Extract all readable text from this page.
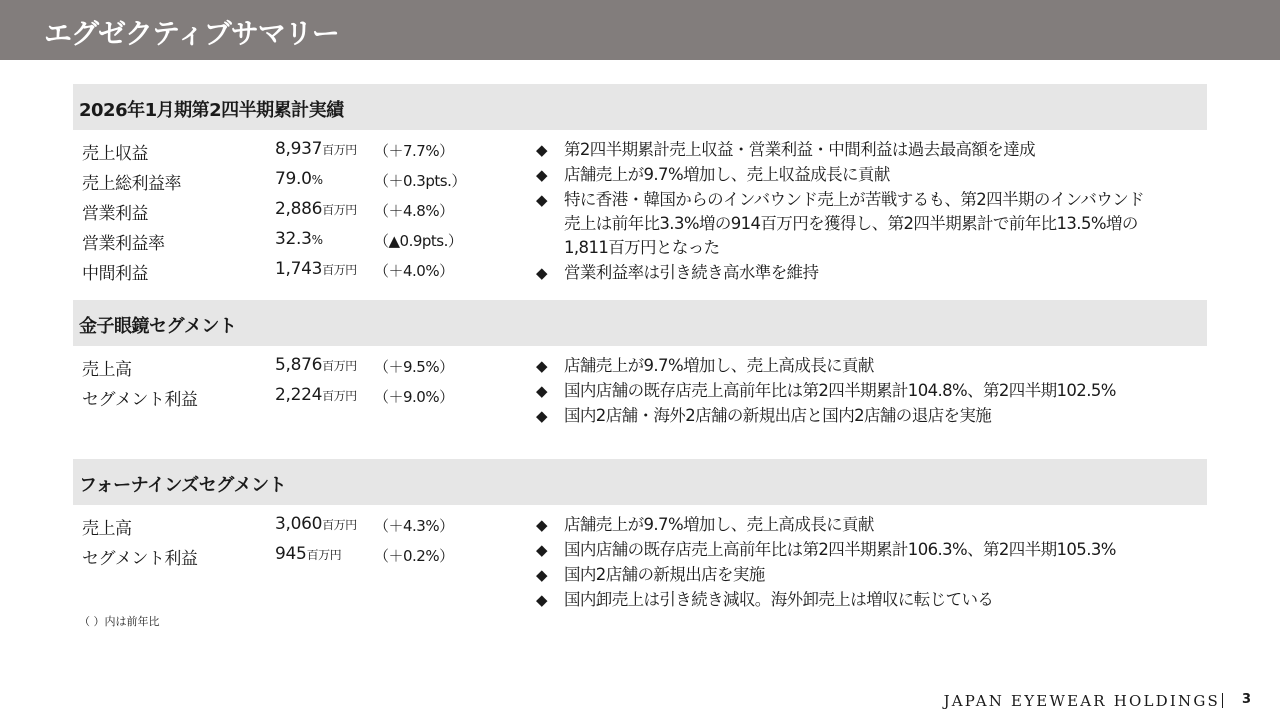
エグゼクティブサマリー
2026年1月期第2四半期累計実績
売上収益	8,937百万円 （＋7.7%）
売上総利益率	79.0%	（＋0.3pts.）
営業利益	2,886百万円 （＋4.8%）
営業利益率	32.3%	（▲0.9pts.）
中間利益	1,743百万円 （＋4.0%）
◆ 第2四半期累計売上収益・営業利益・中間利益は過去最高額を達成
◆ 店舗売上が9.7%増加し、売上収益成長に貢献
◆ 特に香港・韓国からのインバウンド売上が苦戦するも、第2四半期のインバウンド売上は前年比3.3%増の914百万円を獲得し、第2四半期累計で前年比13.5%増の1,811百万円となった
◆ 営業利益率は引き続き高水準を維持
金子眼鏡セグメント
売上高	5,876百万円 （＋9.5%）
セグメント利益	2,224百万円 （＋9.0%）
◆ 店舗売上が9.7%増加し、売上高成長に貢献
◆ 国内店舗の既存店売上高前年比は第2四半期累計104.8%、第2四半期102.5%
◆ 国内2店舗・海外2店舗の新規出店と国内2店舗の退店を実施
フォーナインズセグメント
売上高	3,060百万円 （＋4.3%）
セグメント利益	945百万円 （＋0.2%）
◆ 店舗売上が9.7%増加し、売上高成長に貢献
◆ 国内店舗の既存店売上高前年比は第2四半期累計106.3%、第2四半期105.3%
◆ 国内2店舗の新規出店を実施
◆ 国内卸売上は引き続き減収。海外卸売上は増収に転じている
（ ）内は前年比
JAPAN EYEWEAR HOLDINGS 3
